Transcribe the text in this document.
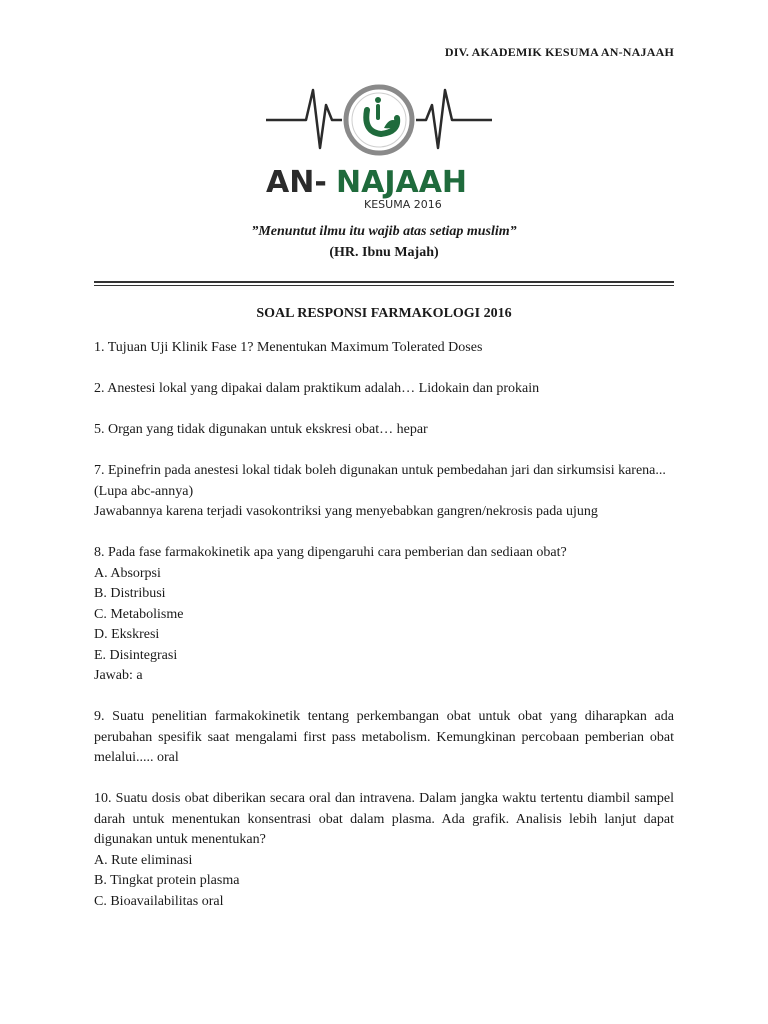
DIV. AKADEMIK KESUMA AN-NAJAAH
AN- NAJAAH
KESUMA 2016
”Menuntut ilmu itu wajib atas setiap muslim”
(HR. Ibnu Majah)
SOAL RESPONSI FARMAKOLOGI 2016

1. Tujuan Uji Klinik Fase 1? Menentukan Maximum Tolerated Doses

2. Anestesi lokal yang dipakai dalam praktikum adalah… Lidokain dan prokain

5. Organ yang tidak digunakan untuk ekskresi obat… hepar

7. Epinefrin pada anestesi lokal tidak boleh digunakan untuk pembedahan jari dan sirkumsisi karena...

(Lupa abc-annya)

Jawabannya karena terjadi vasokontriksi yang menyebabkan gangren/nekrosis pada ujung

8. Pada fase farmakokinetik apa yang dipengaruhi cara pemberian dan sediaan obat?

A. Absorpsi

B. Distribusi

C. Metabolisme

D. Ekskresi

E. Disintegrasi

Jawab: a

9. Suatu penelitian farmakokinetik tentang perkembangan obat untuk obat yang diharapkan ada perubahan spesifik saat mengalami first pass metabolism. Kemungkinan percobaan pemberian obat melalui..... oral

10. Suatu dosis obat diberikan secara oral dan intravena. Dalam jangka waktu tertentu diambil sampel darah untuk menentukan konsentrasi obat dalam plasma. Ada grafik. Analisis lebih lanjut dapat digunakan untuk menentukan?

A. Rute eliminasi

B. Tingkat protein plasma

C. Bioavailabilitas oral
